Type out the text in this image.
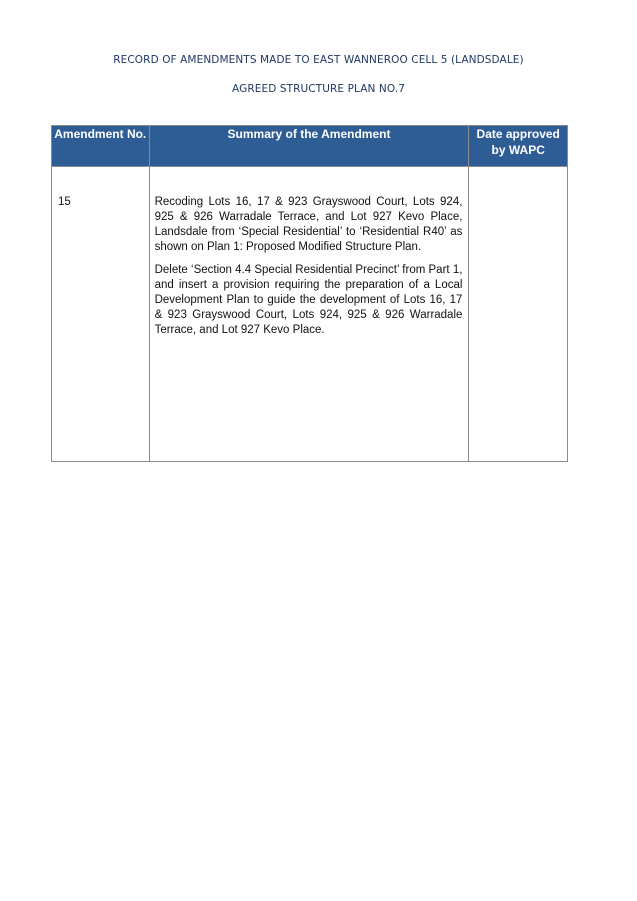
RECORD OF AMENDMENTS MADE TO EAST WANNEROO CELL 5 (LANDSDALE)
AGREED STRUCTURE PLAN NO.7
Amendment No.	Summary of the Amendment	Date approved by WAPC
15	Recoding Lots 16, 17 & 923 Grayswood Court, Lots 924, 925 & 926 Warradale Terrace, and Lot 927 Kevo Place, Landsdale from ‘Special Residential’ to ‘Residential R40’ as shown on Plan 1: Proposed Modified Structure Plan.

Delete ‘Section 4.4 Special Residential Precinct’ from Part 1, and insert a provision requiring the preparation of a Local Development Plan to guide the development of Lots 16, 17 & 923 Grayswood Court, Lots 924, 925 & 926 Warradale Terrace, and Lot 927 Kevo Place.	
